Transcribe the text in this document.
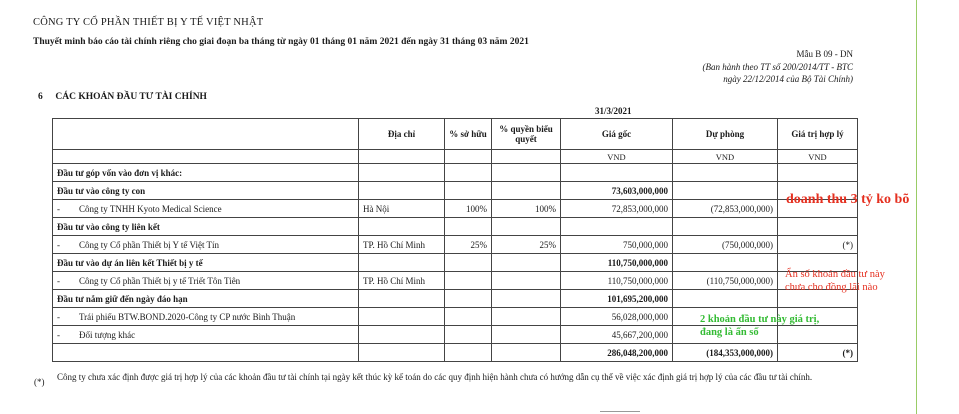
CÔNG TY CỔ PHẦN THIẾT BỊ Y TẾ VIỆT NHẬT
Thuyết minh báo cáo tài chính riêng cho giai đoạn ba tháng từ ngày 01 tháng 01 năm 2021 đến ngày 31 tháng 03 năm 2021
Mẫu B 09 - DN
(Ban hành theo TT số 200/2014/TT - BTC
ngày 22/12/2014 của Bộ Tài Chính)
6 CÁC KHOẢN ĐẦU TƯ TÀI CHÍNH
31/3/2021
	Địa chỉ	% sở hữu	% quyền biểu quyết	Giá gốc	Dự phòng	Giá trị hợp lý
				VND	VND	VND
Đầu tư góp vốn vào đơn vị khác:						
Đầu tư vào công ty con				73,603,000,000		
- Công ty TNHH Kyoto Medical Science	Hà Nội	100%	100%	72,853,000,000	(72,853,000,000)	
Đầu tư vào công ty liên kết						
- Công ty Cổ phần Thiết bị Y tế Việt Tín	TP. Hồ Chí Minh	25%	25%	750,000,000	(750,000,000)	(*)
Đầu tư vào dự án liên kết Thiết bị y tế				110,750,000,000		
- Công ty Cổ phần Thiết bị y tế Triết Tôn Tiên	TP. Hồ Chí Minh			110,750,000,000	(110,750,000,000)	
Đầu tư nắm giữ đến ngày đáo hạn				101,695,200,000		
- Trái phiếu BTW.BOND.2020-Công ty CP nước Bình Thuận				56,028,000,000		
- Đối tượng khác				45,667,200,000		
				286,048,200,000	(184,353,000,000)	(*)
(*) Công ty chưa xác định được giá trị hợp lý của các khoản đầu tư tài chính tại ngày kết thúc kỳ kế toán do các quy định hiện hành chưa có hướng dẫn cụ thể về việc xác định giá trị hợp lý của các đầu tư tài chính.
doanh thu 3 tỷ ko bõ
Ẩn số khoản đầu tư này
chưa cho đồng lãi nào
2 khoản đầu tư này giá trị,
đang là ẩn số
